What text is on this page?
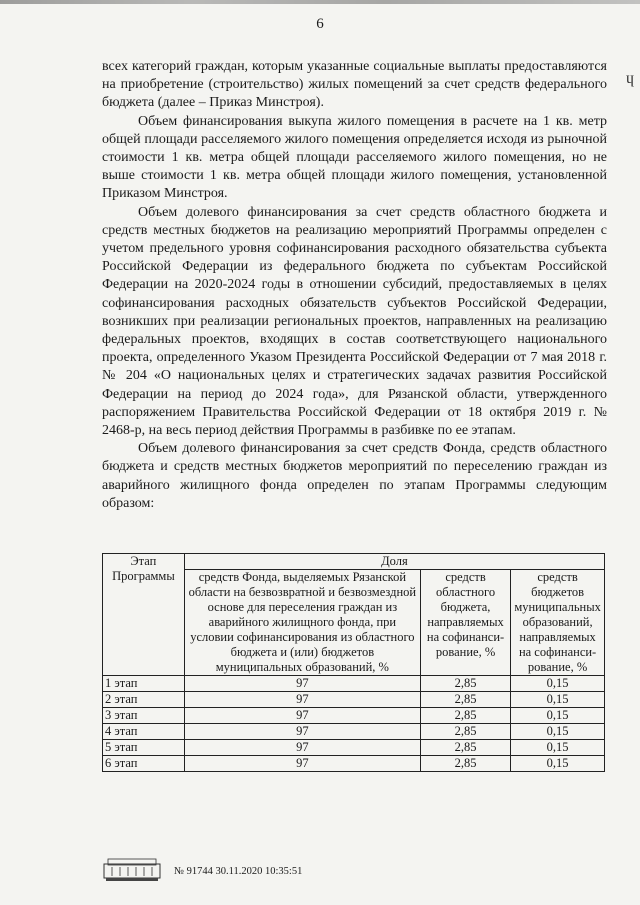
6
ɥ

всех категорий граждан, которым указанные социальные выплаты предоставляются на приобретение (строительство) жилых помещений за счет средств федерального бюджета (далее – Приказ Минстроя).

Объем финансирования выкупа жилого помещения в расчете на 1 кв. метр общей площади расселяемого жилого помещения определяется исходя из рыночной стоимости 1 кв. метра общей площади расселяемого жилого помещения, но не выше стоимости 1 кв. метра общей площади жилого помещения, установленной Приказом Минстроя.

Объем долевого финансирования за счет средств областного бюджета и средств местных бюджетов на реализацию мероприятий Программы определен с учетом предельного уровня софинансирования расходного обязательства субъекта Российской Федерации из федерального бюджета по субъектам Российской Федерации на 2020-2024 годы в отношении субсидий, предоставляемых в целях софинансирования расходных обязательств субъектов Российской Федерации, возникших при реализации региональных проектов, направленных на реализацию федеральных проектов, входящих в состав соответствующего национального проекта, определенного Указом Президента Российской Федерации от 7 мая 2018 г. № 204 «О национальных целях и стратегических задачах развития Российской Федерации на период до 2024 года», для Рязанской области, утвержденного распоряжением Правительства Российской Федерации от 18 октября 2019 г. № 2468-р, на весь период действия Программы в разбивке по ее этапам.

Объем долевого финансирования за счет средств Фонда, средств областного бюджета и средств местных бюджетов мероприятий по переселению граждан из аварийного жилищного фонда определен по этапам Программы следующим образом:

Этап Программы	Доля		
	средств Фонда, выделяемых Рязанской области на безвозвратной и безвозмездной основе для переселения граждан из аварийного жилищного фонда, при условии софинансирования из областного бюджета и (или) бюджетов муниципальных образований, %	средств областного бюджета, направляемых на софинанси-рование, %	средств бюджетов муниципальных образований, направляемых на софинанси-рование, %
1 этап	97	2,85	0,15
2 этап	97	2,85	0,15
3 этап	97	2,85	0,15
4 этап	97	2,85	0,15
5 этап	97	2,85	0,15
6 этап	97	2,85	0,15
№ 91744 30.11.2020 10:35:51
